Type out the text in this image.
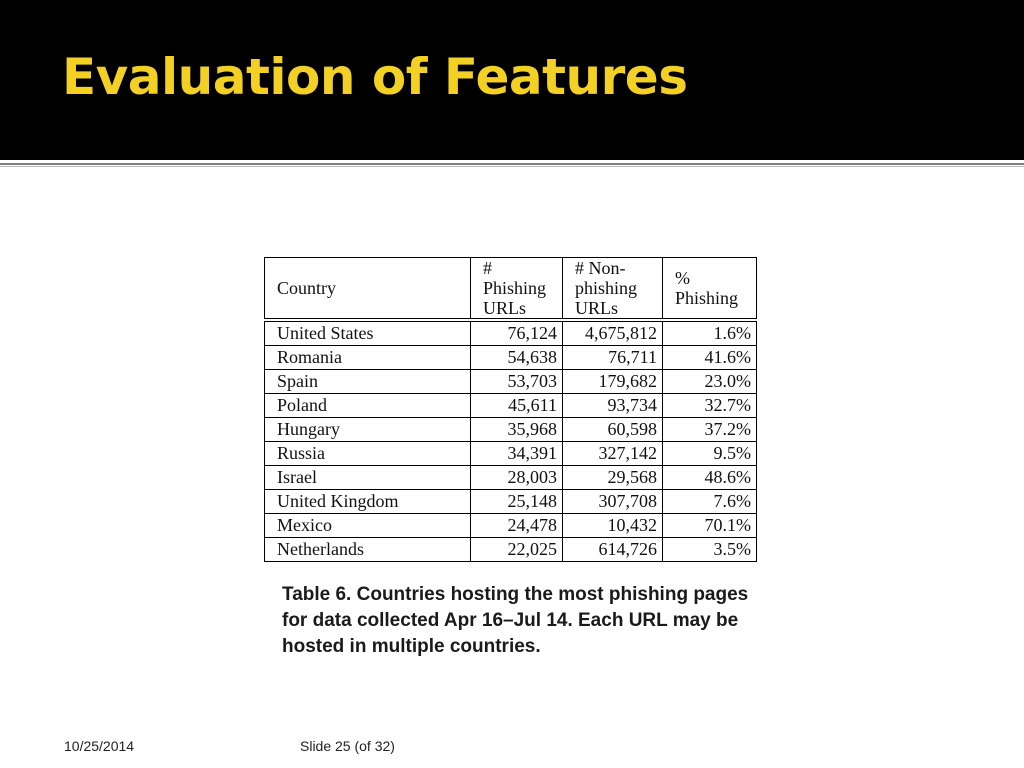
Evaluation of Features
Country	# Phishing URLs	# Non-phishing URLs	% Phishing
United States	76,124	4,675,812	1.6%
Romania	54,638	76,711	41.6%
Spain	53,703	179,682	23.0%
Poland	45,611	93,734	32.7%
Hungary	35,968	60,598	37.2%
Russia	34,391	327,142	9.5%
Israel	28,003	29,568	48.6%
United Kingdom	25,148	307,708	7.6%
Mexico	24,478	10,432	70.1%
Netherlands	22,025	614,726	3.5%

Table 6. Countries hosting the most phishing pages for data collected Apr 16–Jul 14. Each URL may be hosted in multiple countries.

10/25/2014	Slide 25 (of 32)
